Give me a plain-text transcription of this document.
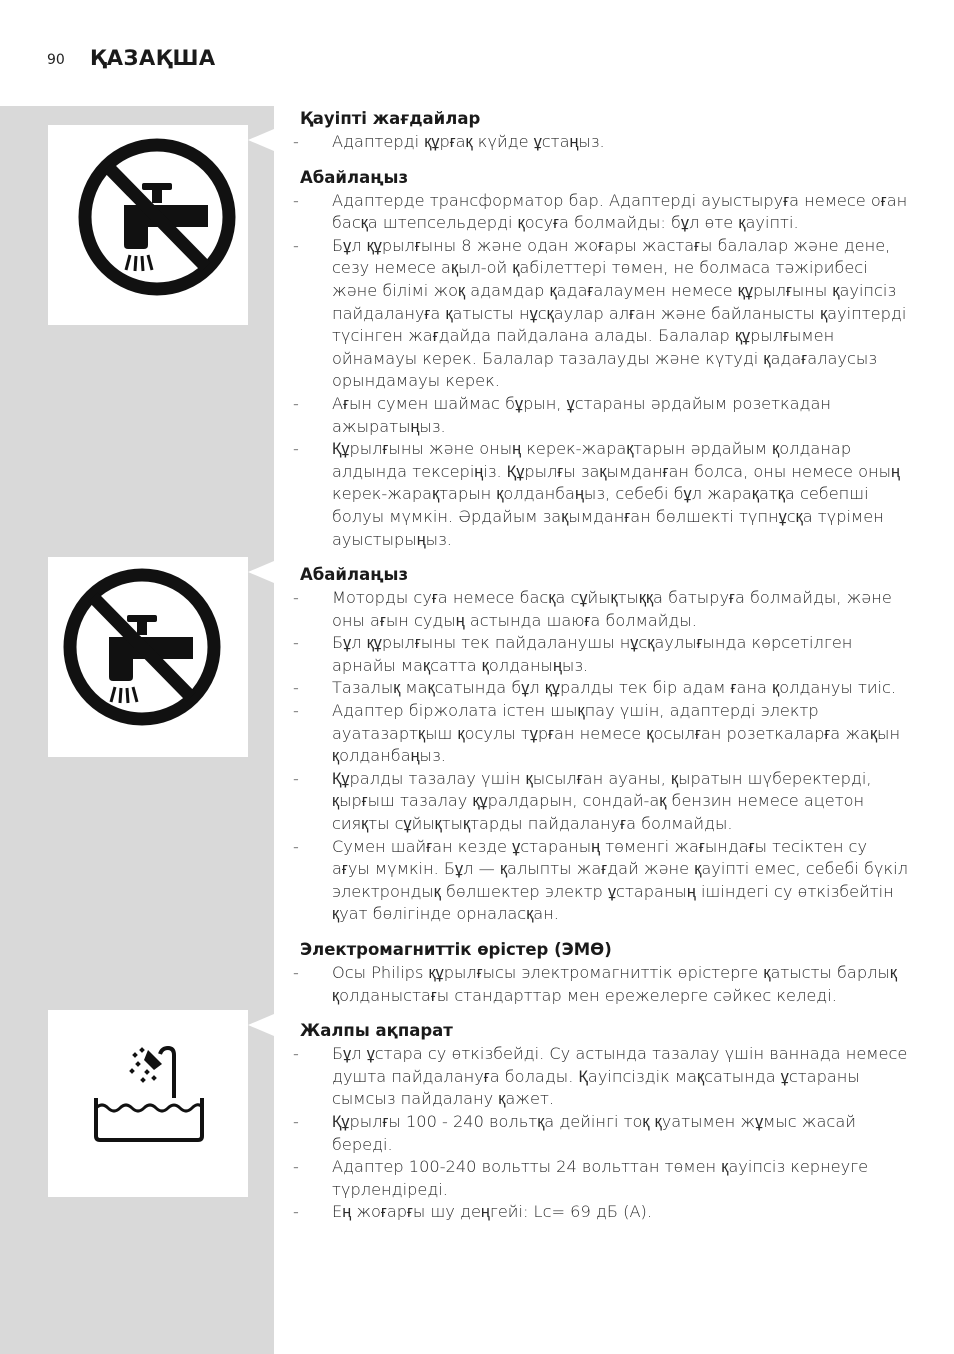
90 ҚАЗАҚША
Қауіпті жағдайлар
- Адаптерді құрғақ күйде ұстаңыз.
Абайлаңыз
- Адаптерде трансформатор бар. Адаптерді ауыстыруға немесе оған басқа штепсельдерді қосуға болмайды: бұл өте қауіпті.
- Бұл құрылғыны 8 және одан жоғары жастағы балалар және дене, сезу немесе ақыл-ой қабілеттері төмен, не болмаса тәжірибесі және білімі жоқ адамдар қадағалаумен немесе құрылғыны қауіпсіз пайдалануға қатысты нұсқаулар алған және байланысты қауіптерді түсінген жағдайда пайдалана алады. Балалар құрылғымен ойнамауы керек. Балалар тазалауды және күтуді қадағалаусыз орындамауы керек.
- Ағын сумен шаймас бұрын, ұстараны әрдайым розеткадан ажыратыңыз.
- Құрылғыны және оның керек-жарақтарын әрдайым қолданар алдында тексеріңіз. Құрылғы зақымданған болса, оны немесе оның керек-жарақтарын қолданбаңыз, себебі бұл жарақатқа себепші болуы мүмкін. Әрдайым зақымданған бөлшекті түпнұсқа түрімен ауыстырыңыз.
Абайлаңыз
- Моторды суға немесе басқа сұйықтыққа батыруға болмайды, және оны ағын судың астында шаюға болмайды.
- Бұл құрылғыны тек пайдаланушы нұсқаулығында көрсетілген арнайы мақсатта қолданыңыз.
- Тазалық мақсатында бұл құралды тек бір адам ғана қолдануы тиіс.
- Адаптер біржолата істен шықпау үшін, адаптерді электр ауатазартқыш қосулы тұрған немесе қосылған розеткаларға жақын қолданбаңыз.
- Құралды тазалау үшін қысылған ауаны, қыратын шүберектерді, қырғыш тазалау құралдарын, сондай-ақ бензин немесе ацетон сияқты сұйықтықтарды пайдалануға болмайды.
- Сумен шайған кезде ұстараның төменгі жағындағы тесіктен су ағуы мүмкін. Бұл — қалыпты жағдай және қауіпті емес, себебі бүкіл электрондық бөлшектер электр ұстараның ішіндегі су өткізбейтін қуат бөлігінде орналасқан.
Электромагниттік өрістер (ЭМӨ)
- Осы Philips құрылғысы электромагниттік өрістерге қатысты барлық қолданыстағы стандарттар мен ережелерге сәйкес келеді.
Жалпы ақпарат
- Бұл ұстара су өткізбейді. Су астында тазалау үшін ваннада немесе душта пайдалануға болады. Қауіпсіздік мақсатында ұстараны сымсыз пайдалану қажет.
- Құрылғы 100 - 240 вольтқа дейінгі тоқ қуатымен жұмыс жасай береді.
- Адаптер 100-240 вольтты 24 вольттан төмен қауіпсіз кернеуге түрлендіреді.
- Ең жоғарғы шу деңгейі: Lc= 69 дБ (A).
